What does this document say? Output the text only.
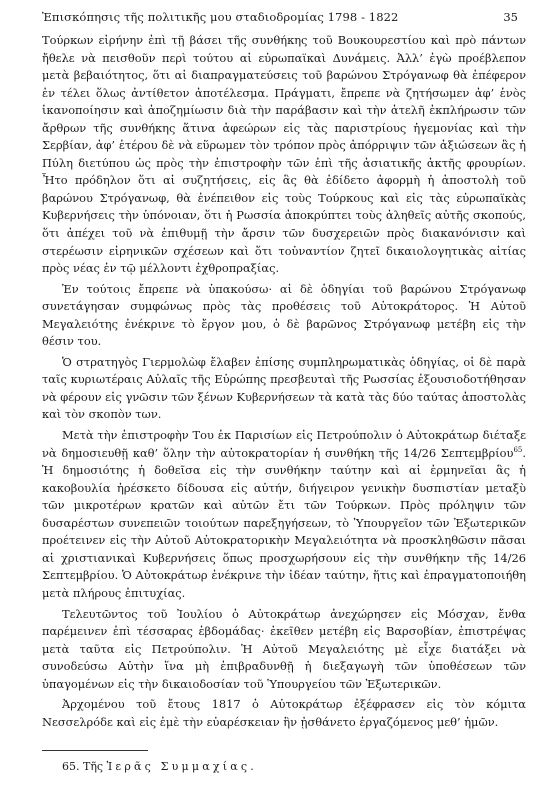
Ἐπισκόπησις τῆς πολιτικῆς μου σταδιοδρομίας 1798 - 1822	35

Τούρκων εἰρήνην ἐπὶ τῇ βάσει τῆς συνθήκης τοῦ Βουκουρεστίου καὶ πρὸ πάντων ἤθελε νὰ πεισθοῦν περὶ τούτου αἱ εὐρωπαϊκαὶ Δυνάμεις. Ἀλλ’ ἐγὼ προέβλεπον μετὰ βεβαιότητος, ὅτι αἱ διαπραγματεύσεις τοῦ βαρώνου Στρόγανωφ θὰ ἐπέφερον ἐν τέλει ὅλως ἀντίθετον ἀποτέλεσμα. Πράγματι, ἔπρεπε νὰ ζητήσωμεν ἀφ’ ἑνὸς ἱκανοποίησιν καὶ ἀποζημίωσιν διὰ τὴν παράβασιν καὶ τὴν ἀτελῆ ἐκπλήρωσιν τῶν ἄρθρων τῆς συνθήκης ἅτινα ἀφεώρων εἰς τὰς παριστρίους ἡγεμονίας καὶ τὴν Σερβίαν, ἀφ’ ἑτέρου δὲ νὰ εὕρωμεν τὸν τρόπον πρὸς ἀπόρριψιν τῶν ἀξιώσεων ἃς ἡ Πύλη διετύπου ὡς πρὸς τὴν ἐπιστροφὴν τῶν ἐπὶ τῆς ἀσιατικῆς ἀκτῆς φρουρίων. Ἦτο πρόδηλον ὅτι αἱ συζητήσεις, εἰς ἃς θὰ ἐδίδετο ἀφορμὴ ἡ ἀποστολὴ τοῦ βαρώνου Στρόγανωφ, θὰ ἐνέπειθον εἰς τοὺς Τούρκους καὶ εἰς τὰς εὐρωπαϊκὰς Κυβερνήσεις τὴν ὑπόνοιαν, ὅτι ἡ Ρωσσία ἀποκρύπτει τοὺς ἀληθεῖς αὐτῆς σκοπούς, ὅτι ἀπέχει τοῦ νὰ ἐπιθυμῇ τὴν ἄρσιν τῶν δυσχερειῶν πρὸς διακανόνισιν καὶ στερέωσιν εἰρηνικῶν σχέσεων καὶ ὅτι τοὐναντίον ζητεῖ δικαιολογητικὰς αἰτίας πρὸς νέας ἐν τῷ μέλλοντι ἐχθροπραξίας.

Ἐν τούτοις ἔπρεπε νὰ ὑπακούσω· αἱ δὲ ὁδηγίαι τοῦ βαρώνου Στρόγανωφ συνετάγησαν συμφώνως πρὸς τὰς προθέσεις τοῦ Αὐτοκράτορος. Ἡ Αὐτοῦ Μεγαλειότης ἐνέκρινε τὸ ἔργον μου, ὁ δὲ βαρῶνος Στρόγανωφ μετέβη εἰς τὴν θέσιν του.

Ὁ στρατηγὸς Γιερμολὼφ ἔλαβεν ἐπίσης συμπληρωματικὰς ὁδηγίας, οἱ δὲ παρὰ ταῖς κυριωτέραις Αὐλαῖς τῆς Εὐρώπης πρεσβευταὶ τῆς Ρωσσίας ἐξουσιοδοτήθησαν νὰ φέρουν εἰς γνῶσιν τῶν ξένων Κυβερνήσεων τὰ κατὰ τὰς δύο ταύτας ἀποστολὰς καὶ τὸν σκοπὸν των.

Μετὰ τὴν ἐπιστροφὴν Του ἐκ Παρισίων εἰς Πετρούπολιν ὁ Αὐτοκράτωρ διέταξε νὰ δημοσιευθῇ καθ’ ὅλην τὴν αὐτοκρατορίαν ἡ συνθήκη τῆς 14/26 Σεπτεμβρίου$^{65}$. Ἡ δημοσιότης ἡ δοθεῖσα εἰς τὴν συνθήκην ταύτην καὶ αἱ ἑρμηνεῖαι ἃς ἡ κακοβουλία ἠρέσκετο δίδουσα εἰς αὐτήν, διήγειρον γενικὴν δυσπιστίαν μεταξὺ τῶν μικροτέρων κρατῶν καὶ αὐτῶν ἔτι τῶν Τούρκων. Πρὸς πρόληψιν τῶν δυσαρέστων συνεπειῶν τοιούτων παρεξηγήσεων, τὸ Ὑπουργεῖον τῶν Ἐξωτερικῶν προέτεινεν εἰς τὴν Αὐτοῦ Αὐτοκρατορικὴν Μεγαλειότητα νὰ προσκληθῶσιν πᾶσαι αἱ χριστιανικαὶ Κυβερνήσεις ὅπως προσχωρήσουν εἰς τὴν συνθήκην τῆς 14/26 Σεπτεμβρίου. Ὁ Αὐτοκράτωρ ἐνέκρινε τὴν ἰδέαν ταύτην, ἥτις καὶ ἐπραγματοποιήθη μετὰ πλήρους ἐπιτυχίας.

Τελευτῶντος τοῦ Ἰουλίου ὁ Αὐτοκράτωρ ἀνεχώρησεν εἰς Μόσχαν, ἔνθα παρέμεινεν ἐπὶ τέσσαρας ἑβδομάδας· ἐκεῖθεν μετέβη εἰς Βαρσοβίαν, ἐπιστρέψας μετὰ ταῦτα εἰς Πετρούπολιν. Ἡ Αὐτοῦ Μεγαλειότης μὲ εἶχε διατάξει νὰ συνοδεύσω Αὐτὴν ἵνα μὴ ἐπιβραδυνθῇ ἡ διεξαγωγὴ τῶν ὑποθέσεων τῶν ὑπαγομένων εἰς τὴν δικαιοδοσίαν τοῦ Ὑπουργείου τῶν Ἐξωτερικῶν.

Ἀρχομένου τοῦ ἔτους 1817 ὁ Αὐτοκράτωρ ἐξέφρασεν εἰς τὸν κόμιτα Νεσσελρόδε καὶ εἰς ἐμὲ τὴν εὐαρέσκειαν ἣν ᾐσθάνετο ἐργαζόμενος μεθ’ ἡμῶν.

65. Τῆς Ἱερᾶς Συμμαχίας.
